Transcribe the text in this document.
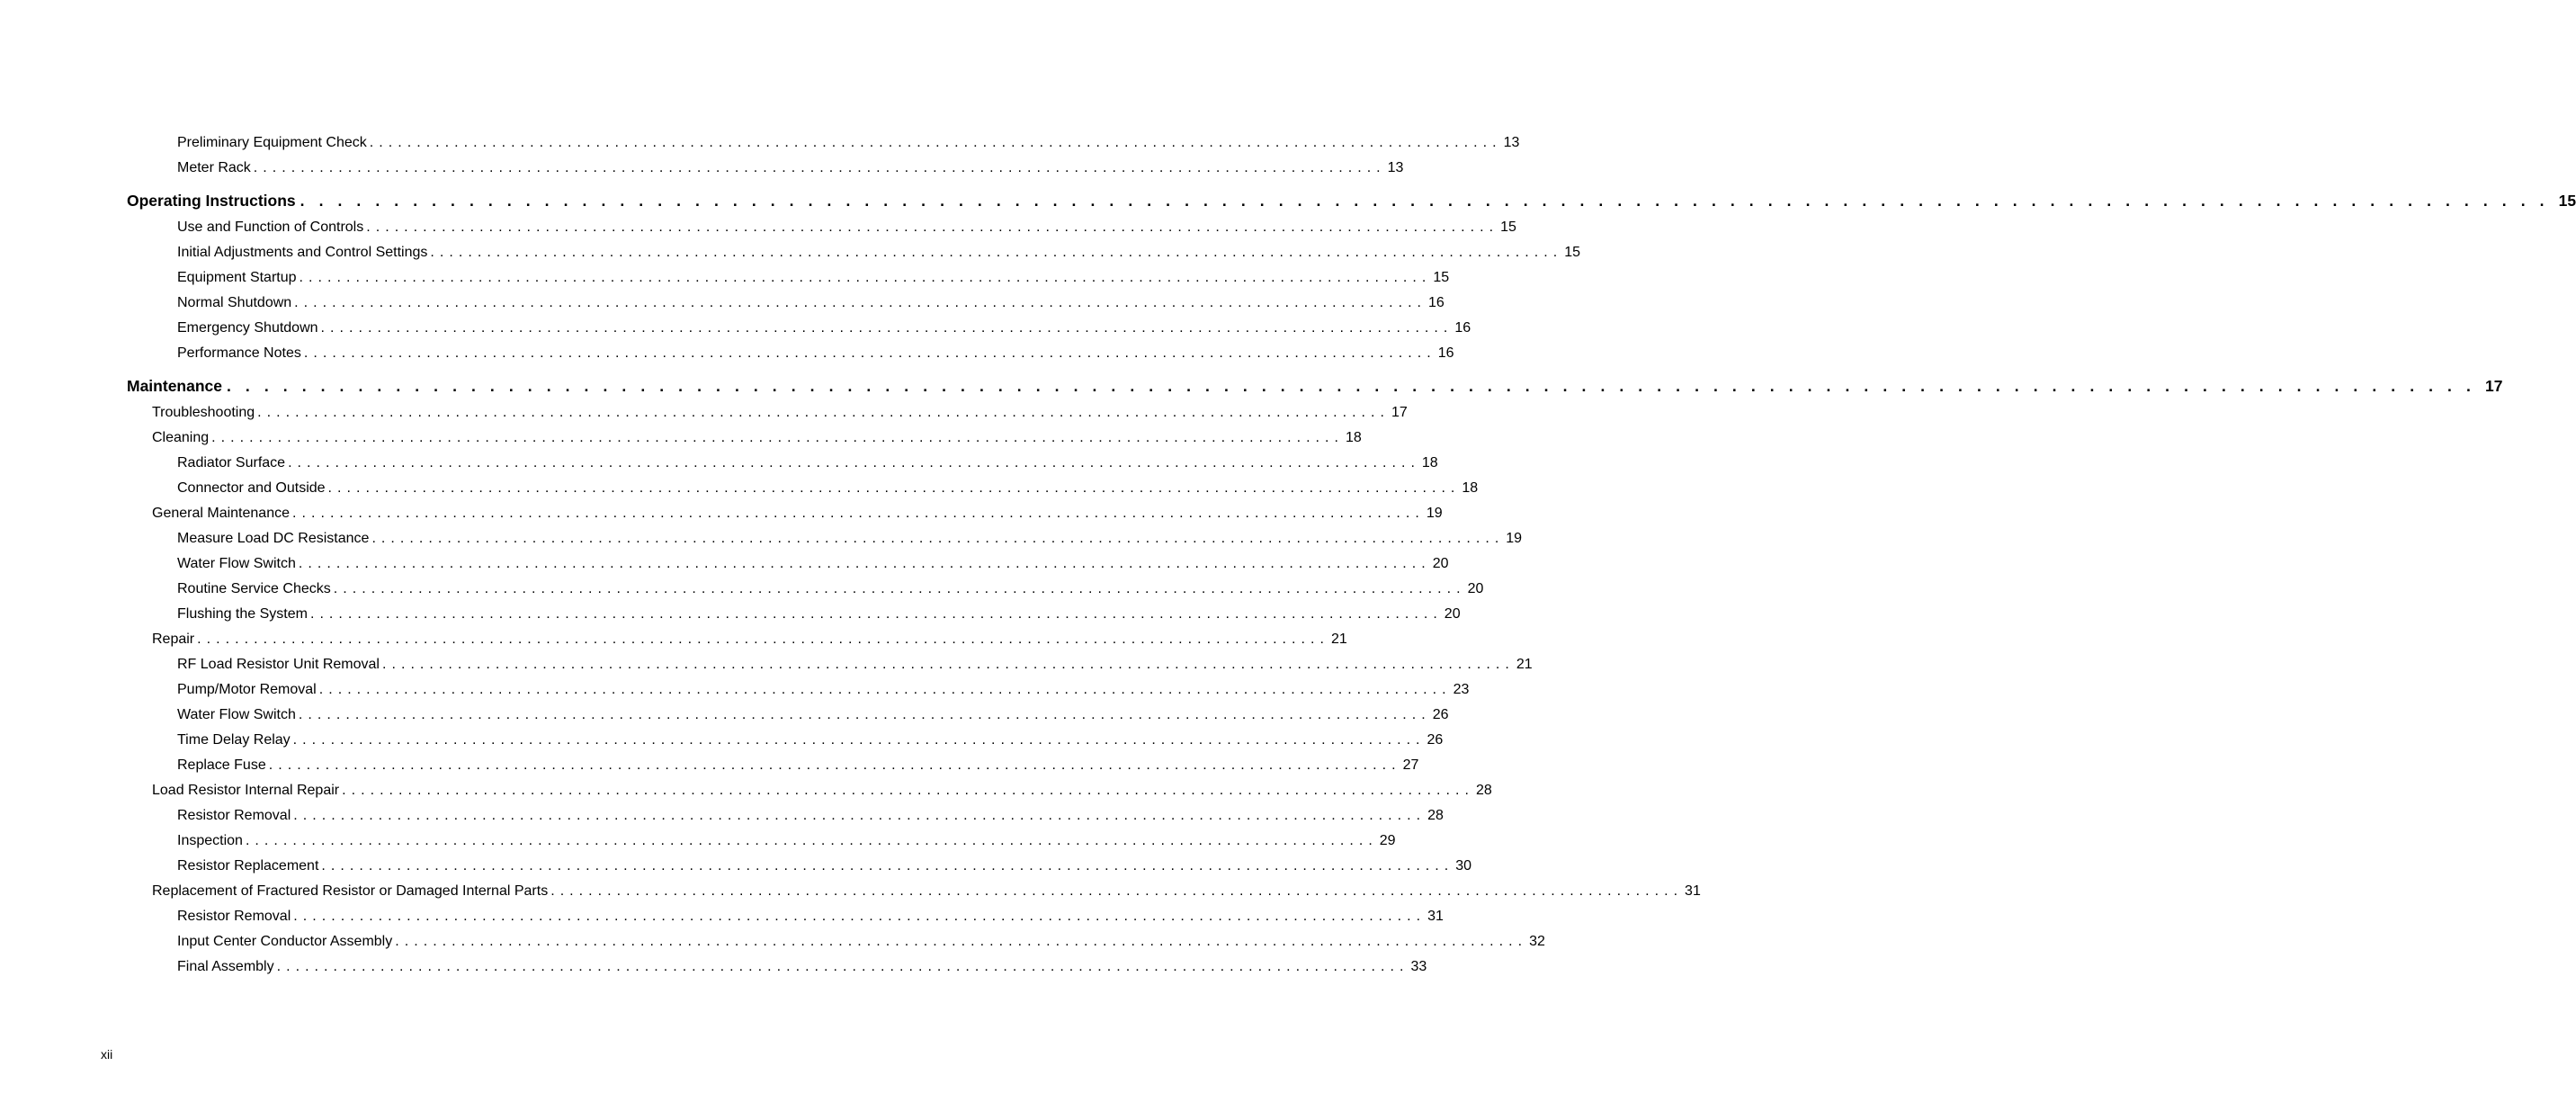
Preliminary Equipment Check . . . . . . . . . . . . . . . . . . . . . . . . . . . . . . . . . . . . . . . . . . . . . . . . . . . . . . . . . . . . . . . . . . . . . . . . . . . . . . . . . . . . . . . . . . . . . . . . . . . . . . . . . . . . . . . . . . . . . . . . 13
Meter Rack . . . . . . . . . . . . . . . . . . . . . . . . . . . . . . . . . . . . . . . . . . . . . . . . . . . . . . . . . . . . . . . . . . . . . . . . . . . . . . . . . . . . . . . . . . . . . . . . . . . . . . . . . . . . . . . . . . . . . . . . 13
Operating Instructions . . . . . . . . . . . . . . . . . . . . . . . . . . . . . . . . . . . . . . . . . . . . . . . . . . . . . . . . . . . . . . . . . . . . . . . . . . . . . . . . . . . . . . . . . . . . . . . . . . . . . . . . . . . . . . . . . . . . . . . . 15
Use and Function of Controls . . . . . . . . . . . . . . . . . . . . . . . . . . . . . . . . . . . . . . . . . . . . . . . . . . . . . . . . . . . . . . . . . . . . . . . . . . . . . . . . . . . . . . . . . . . . . . . . . . . . . . . . . . . . . . . . . . . . . . . . 15
Initial Adjustments and Control Settings . . . . . . . . . . . . . . . . . . . . . . . . . . . . . . . . . . . . . . . . . . . . . . . . . . . . . . . . . . . . . . . . . . . . . . . . . . . . . . . . . . . . . . . . . . . . . . . . . . . . . . . . . . . . . . . . . . . . . . . . 15
Equipment Startup . . . . . . . . . . . . . . . . . . . . . . . . . . . . . . . . . . . . . . . . . . . . . . . . . . . . . . . . . . . . . . . . . . . . . . . . . . . . . . . . . . . . . . . . . . . . . . . . . . . . . . . . . . . . . . . . . . . . . . . . 15
Normal Shutdown . . . . . . . . . . . . . . . . . . . . . . . . . . . . . . . . . . . . . . . . . . . . . . . . . . . . . . . . . . . . . . . . . . . . . . . . . . . . . . . . . . . . . . . . . . . . . . . . . . . . . . . . . . . . . . . . . . . . . . . . 16
Emergency Shutdown . . . . . . . . . . . . . . . . . . . . . . . . . . . . . . . . . . . . . . . . . . . . . . . . . . . . . . . . . . . . . . . . . . . . . . . . . . . . . . . . . . . . . . . . . . . . . . . . . . . . . . . . . . . . . . . . . . . . . . . . 16
Performance Notes . . . . . . . . . . . . . . . . . . . . . . . . . . . . . . . . . . . . . . . . . . . . . . . . . . . . . . . . . . . . . . . . . . . . . . . . . . . . . . . . . . . . . . . . . . . . . . . . . . . . . . . . . . . . . . . . . . . . . . . . 16
Maintenance . . . . . . . . . . . . . . . . . . . . . . . . . . . . . . . . . . . . . . . . . . . . . . . . . . . . . . . . . . . . . . . . . . . . . . . . . . . . . . . . . . . . . . . . . . . . . . . . . . . . . . . . . . . . . . . . . . . . . . . . 17
Troubleshooting . . . . . . . . . . . . . . . . . . . . . . . . . . . . . . . . . . . . . . . . . . . . . . . . . . . . . . . . . . . . . . . . . . . . . . . . . . . . . . . . . . . . . . . . . . . . . . . . . . . . . . . . . . . . . . . . . . . . . . . . 17
Cleaning . . . . . . . . . . . . . . . . . . . . . . . . . . . . . . . . . . . . . . . . . . . . . . . . . . . . . . . . . . . . . . . . . . . . . . . . . . . . . . . . . . . . . . . . . . . . . . . . . . . . . . . . . . . . . . . . . . . . . . . . 18
Radiator Surface . . . . . . . . . . . . . . . . . . . . . . . . . . . . . . . . . . . . . . . . . . . . . . . . . . . . . . . . . . . . . . . . . . . . . . . . . . . . . . . . . . . . . . . . . . . . . . . . . . . . . . . . . . . . . . . . . . . . . . . . 18
Connector and Outside . . . . . . . . . . . . . . . . . . . . . . . . . . . . . . . . . . . . . . . . . . . . . . . . . . . . . . . . . . . . . . . . . . . . . . . . . . . . . . . . . . . . . . . . . . . . . . . . . . . . . . . . . . . . . . . . . . . . . . . . 18
General Maintenance . . . . . . . . . . . . . . . . . . . . . . . . . . . . . . . . . . . . . . . . . . . . . . . . . . . . . . . . . . . . . . . . . . . . . . . . . . . . . . . . . . . . . . . . . . . . . . . . . . . . . . . . . . . . . . . . . . . . . . . . 19
Measure Load DC Resistance . . . . . . . . . . . . . . . . . . . . . . . . . . . . . . . . . . . . . . . . . . . . . . . . . . . . . . . . . . . . . . . . . . . . . . . . . . . . . . . . . . . . . . . . . . . . . . . . . . . . . . . . . . . . . . . . . . . . . . . . 19
Water Flow Switch . . . . . . . . . . . . . . . . . . . . . . . . . . . . . . . . . . . . . . . . . . . . . . . . . . . . . . . . . . . . . . . . . . . . . . . . . . . . . . . . . . . . . . . . . . . . . . . . . . . . . . . . . . . . . . . . . . . . . . . . 20
Routine Service Checks . . . . . . . . . . . . . . . . . . . . . . . . . . . . . . . . . . . . . . . . . . . . . . . . . . . . . . . . . . . . . . . . . . . . . . . . . . . . . . . . . . . . . . . . . . . . . . . . . . . . . . . . . . . . . . . . . . . . . . . . 20
Flushing the System . . . . . . . . . . . . . . . . . . . . . . . . . . . . . . . . . . . . . . . . . . . . . . . . . . . . . . . . . . . . . . . . . . . . . . . . . . . . . . . . . . . . . . . . . . . . . . . . . . . . . . . . . . . . . . . . . . . . . . . . 20
Repair . . . . . . . . . . . . . . . . . . . . . . . . . . . . . . . . . . . . . . . . . . . . . . . . . . . . . . . . . . . . . . . . . . . . . . . . . . . . . . . . . . . . . . . . . . . . . . . . . . . . . . . . . . . . . . . . . . . . . . . . 21
RF Load Resistor Unit Removal . . . . . . . . . . . . . . . . . . . . . . . . . . . . . . . . . . . . . . . . . . . . . . . . . . . . . . . . . . . . . . . . . . . . . . . . . . . . . . . . . . . . . . . . . . . . . . . . . . . . . . . . . . . . . . . . . . . . . . . . 21
Pump/Motor Removal . . . . . . . . . . . . . . . . . . . . . . . . . . . . . . . . . . . . . . . . . . . . . . . . . . . . . . . . . . . . . . . . . . . . . . . . . . . . . . . . . . . . . . . . . . . . . . . . . . . . . . . . . . . . . . . . . . . . . . . . 23
Water Flow Switch . . . . . . . . . . . . . . . . . . . . . . . . . . . . . . . . . . . . . . . . . . . . . . . . . . . . . . . . . . . . . . . . . . . . . . . . . . . . . . . . . . . . . . . . . . . . . . . . . . . . . . . . . . . . . . . . . . . . . . . . 26
Time Delay Relay . . . . . . . . . . . . . . . . . . . . . . . . . . . . . . . . . . . . . . . . . . . . . . . . . . . . . . . . . . . . . . . . . . . . . . . . . . . . . . . . . . . . . . . . . . . . . . . . . . . . . . . . . . . . . . . . . . . . . . . . 26
Replace Fuse . . . . . . . . . . . . . . . . . . . . . . . . . . . . . . . . . . . . . . . . . . . . . . . . . . . . . . . . . . . . . . . . . . . . . . . . . . . . . . . . . . . . . . . . . . . . . . . . . . . . . . . . . . . . . . . . . . . . . . . . 27
Load Resistor Internal Repair . . . . . . . . . . . . . . . . . . . . . . . . . . . . . . . . . . . . . . . . . . . . . . . . . . . . . . . . . . . . . . . . . . . . . . . . . . . . . . . . . . . . . . . . . . . . . . . . . . . . . . . . . . . . . . . . . . . . . . . . 28
Resistor Removal . . . . . . . . . . . . . . . . . . . . . . . . . . . . . . . . . . . . . . . . . . . . . . . . . . . . . . . . . . . . . . . . . . . . . . . . . . . . . . . . . . . . . . . . . . . . . . . . . . . . . . . . . . . . . . . . . . . . . . . . 28
Inspection . . . . . . . . . . . . . . . . . . . . . . . . . . . . . . . . . . . . . . . . . . . . . . . . . . . . . . . . . . . . . . . . . . . . . . . . . . . . . . . . . . . . . . . . . . . . . . . . . . . . . . . . . . . . . . . . . . . . . . . . 29
Resistor Replacement . . . . . . . . . . . . . . . . . . . . . . . . . . . . . . . . . . . . . . . . . . . . . . . . . . . . . . . . . . . . . . . . . . . . . . . . . . . . . . . . . . . . . . . . . . . . . . . . . . . . . . . . . . . . . . . . . . . . . . . . 30
Replacement of Fractured Resistor or Damaged Internal Parts . . . . . . . . . . . . . . . . . . . . . . . . . . . . . . . . . . . . . . . . . . . . . . . . . . . . . . . . . . . . . . . . . . . . . . . . . . . . . . . . . . . . . . . . . . . . . . . . . . . . . . . . . . . . . . . . . . . . . . . . 31
Resistor Removal . . . . . . . . . . . . . . . . . . . . . . . . . . . . . . . . . . . . . . . . . . . . . . . . . . . . . . . . . . . . . . . . . . . . . . . . . . . . . . . . . . . . . . . . . . . . . . . . . . . . . . . . . . . . . . . . . . . . . . . . 31
Input Center Conductor Assembly . . . . . . . . . . . . . . . . . . . . . . . . . . . . . . . . . . . . . . . . . . . . . . . . . . . . . . . . . . . . . . . . . . . . . . . . . . . . . . . . . . . . . . . . . . . . . . . . . . . . . . . . . . . . . . . . . . . . . . . . 32
Final Assembly . . . . . . . . . . . . . . . . . . . . . . . . . . . . . . . . . . . . . . . . . . . . . . . . . . . . . . . . . . . . . . . . . . . . . . . . . . . . . . . . . . . . . . . . . . . . . . . . . . . . . . . . . . . . . . . . . . . . . . . . 33
xii
